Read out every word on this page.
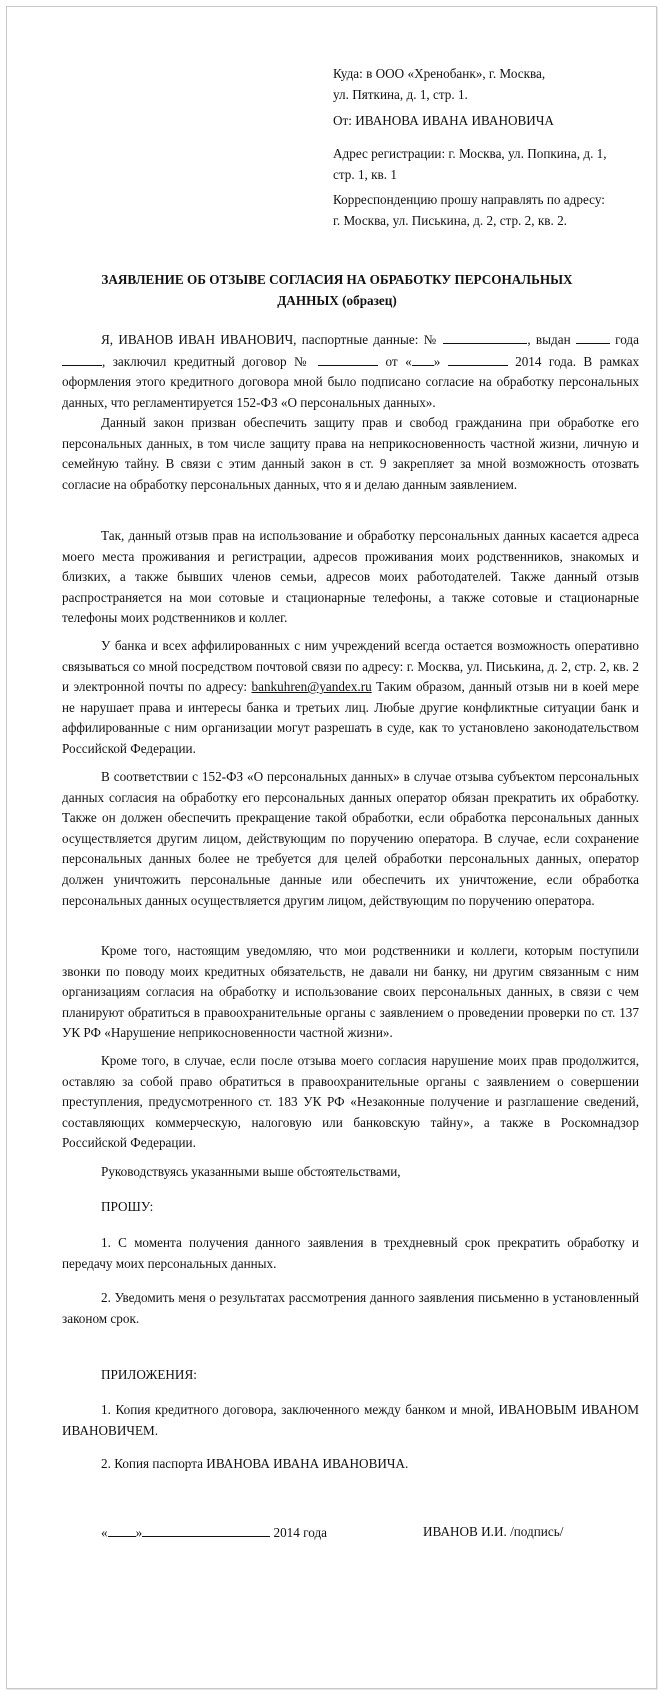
Куда: в ООО «Хренобанк», г. Москва,
ул. Пяткина, д. 1, стр. 1.
От: ИВАНОВА ИВАНА ИВАНОВИЧА
Адрес регистрации: г. Москва, ул. Попкина, д. 1,
стр. 1, кв. 1
Корреспонденцию прошу направлять по адресу:
г. Москва, ул. Писькина, д. 2, стр. 2, кв. 2.
ЗАЯВЛЕНИЕ ОБ ОТЗЫВЕ СОГЛАСИЯ НА ОБРАБОТКУ ПЕРСОНАЛЬНЫХ
ДАННЫХ (образец)

Я, ИВАНОВ ИВАН ИВАНОВИЧ, паспортные данные: №	, выдан	года , заключил кредитный договор №	от « »	2014 года. В рамках оформления этого кредитного договора мной было подписано согласие на обработку персональных данных, что регламентируется 152-ФЗ «О персональных данных».

Данный закон призван обеспечить защиту прав и свобод гражданина при обработке его персональных данных, в том числе защиту права на неприкосновенность частной жизни, личную и семейную тайну. В связи с этим данный закон в ст. 9 закрепляет за мной возможность отозвать согласие на обработку персональных данных, что я и делаю данным заявлением.

Так, данный отзыв прав на использование и обработку персональных данных касается адреса моего места проживания и регистрации, адресов проживания моих родственников, знакомых и близких, а также бывших членов семьи, адресов моих работодателей. Также данный отзыв распространяется на мои сотовые и стационарные телефоны, а также сотовые и стационарные телефоны моих родственников и коллег.

У банка и всех аффилированных с ним учреждений всегда остается возможность оперативно связываться со мной посредством почтовой связи по адресу: г. Москва, ул. Писькина, д. 2, стр. 2, кв. 2 и электронной почты по адресу: bankuhren@yandex.ru Таким образом, данный отзыв ни в коей мере не нарушает права и интересы банка и третьих лиц. Любые другие конфликтные ситуации банк и аффилированные с ним организации могут разрешать в суде, как то установлено законодательством Российской Федерации.

В соответствии с 152-ФЗ «О персональных данных» в случае отзыва субъектом персональных данных согласия на обработку его персональных данных оператор обязан прекратить их обработку. Также он должен обеспечить прекращение такой обработки, если обработка персональных данных осуществляется другим лицом, действующим по поручению оператора. В случае, если сохранение персональных данных более не требуется для целей обработки персональных данных, оператор должен уничтожить персональные данные или обеспечить их уничтожение, если обработка персональных данных осуществляется другим лицом, действующим по поручению оператора.

Кроме того, настоящим уведомляю, что мои родственники и коллеги, которым поступили звонки по поводу моих кредитных обязательств, не давали ни банку, ни другим связанным с ним организациям согласия на обработку и использование своих персональных данных, в связи с чем планируют обратиться в правоохранительные органы с заявлением о проведении проверки по ст. 137 УК РФ «Нарушение неприкосновенности частной жизни».

Кроме того, в случае, если после отзыва моего согласия нарушение моих прав продолжится, оставляю за собой право обратиться в правоохранительные органы с заявлением о совершении преступления, предусмотренного ст. 183 УК РФ «Незаконные получение и разглашение сведений, составляющих коммерческую, налоговую или банковскую тайну», а также в Роскомнадзор Российской Федерации.

Руководствуясь указанными выше обстоятельствами,

ПРОШУ:

1. С момента получения данного заявления в трехдневный срок прекратить обработку и передачу моих персональных данных.

2. Уведомить меня о результатах рассмотрения данного заявления письменно в установленный законом срок.

ПРИЛОЖЕНИЯ:

1. Копия кредитного договора, заключенного между банком и мной, ИВАНОВЫМ ИВАНОМ ИВАНОВИЧЕМ.

2. Копия паспорта ИВАНОВА ИВАНА ИВАНОВИЧА.

« »	2014 года	ИВАНОВ И.И. /подпись/
